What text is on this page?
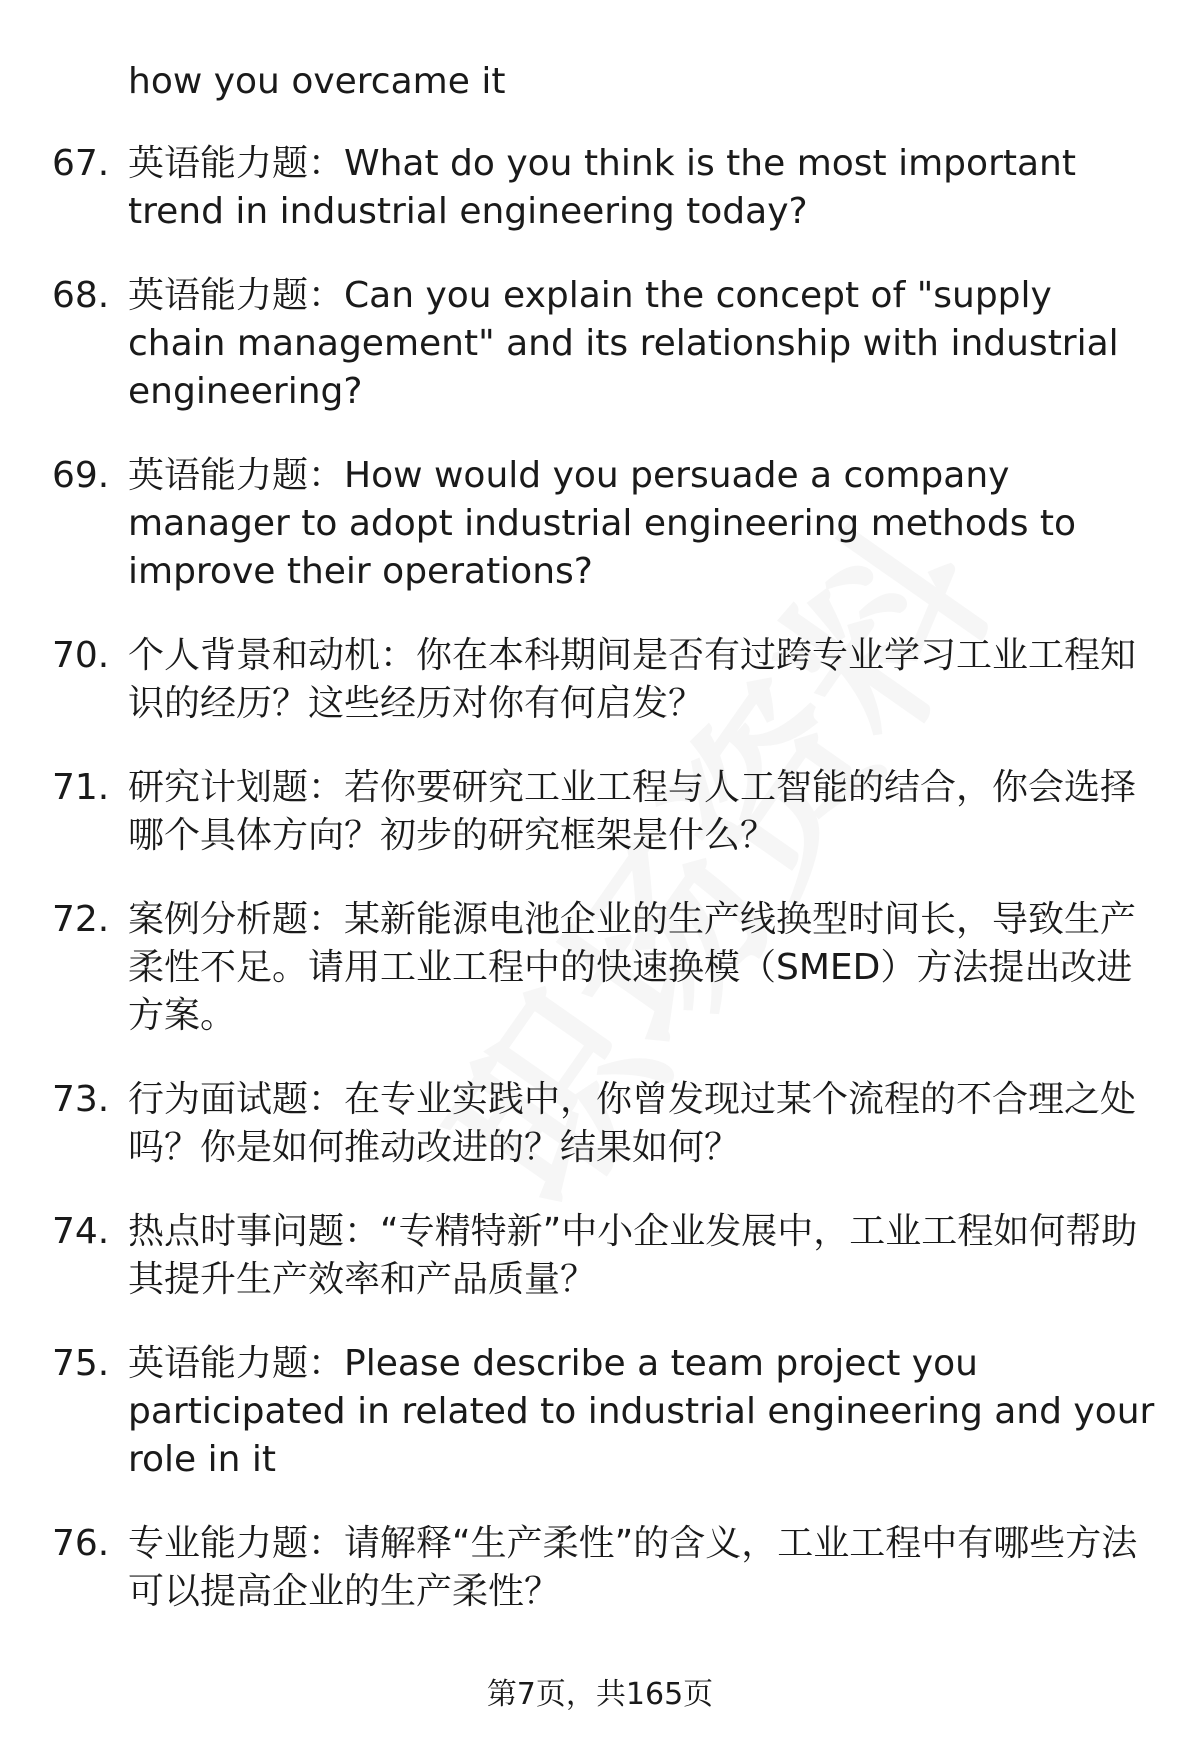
how you overcame it
67. 英语能力题：What do you think is the most important trend in industrial engineering today?
68. 英语能力题：Can you explain the concept of "supply chain management" and its relationship with industrial engineering?
69. 英语能力题：How would you persuade a company manager to adopt industrial engineering methods to improve their operations?
70. 个人背景和动机：你在本科期间是否有过跨专业学习工业工程知识的经历？这些经历对你有何启发？
71. 研究计划题：若你要研究工业工程与人工智能的结合，你会选择哪个具体方向？初步的研究框架是什么？
72. 案例分析题：某新能源电池企业的生产线换型时间长，导致生产柔性不足。请用工业工程中的快速换模（SMED）方法提出改进方案。
73. 行为面试题：在专业实践中，你曾发现过某个流程的不合理之处吗？你是如何推动改进的？结果如何？
74. 热点时事问题：“专精特新”中小企业发展中，工业工程如何帮助其提升生产效率和产品质量？
75. 英语能力题：Please describe a team project you participated in related to industrial engineering and your role in it
76. 专业能力题：请解释“生产柔性”的含义，工业工程中有哪些方法可以提高企业的生产柔性？
第7页，共165页
